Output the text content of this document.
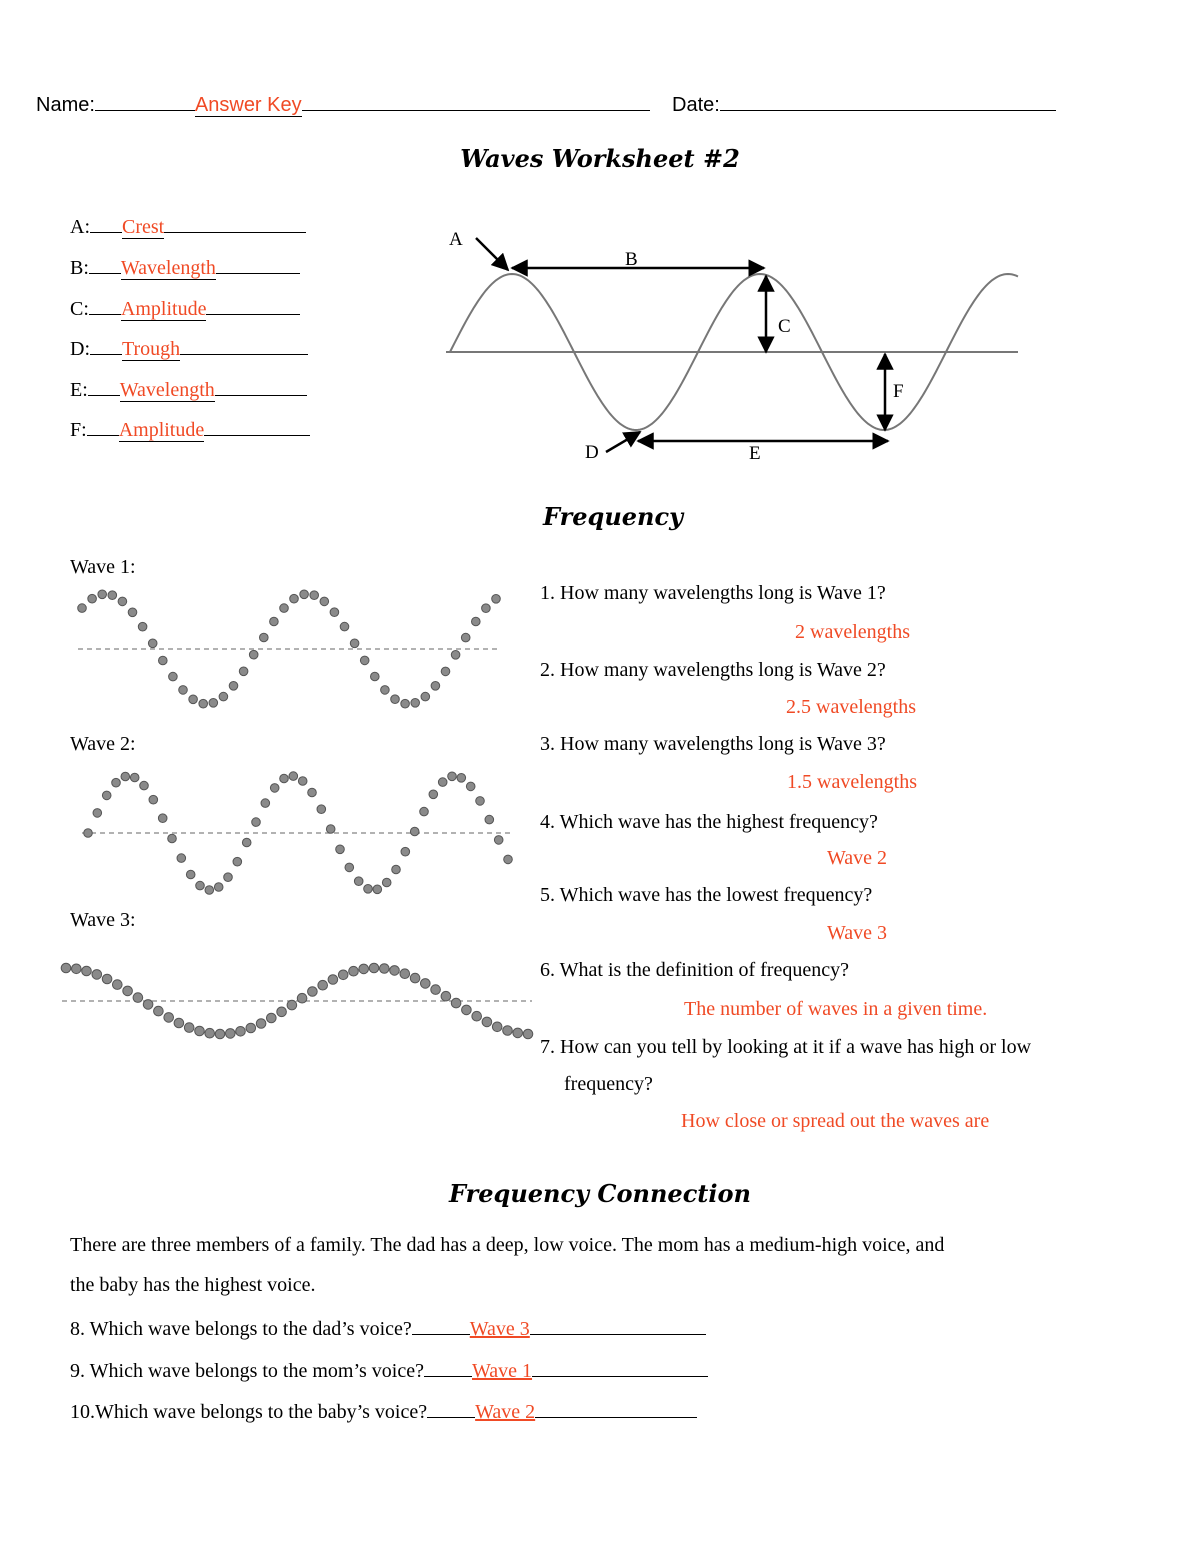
Name:	Answer Key	Date:
Waves Worksheet #2
A: Crest
B: Wavelength
C: Amplitude
D: Trough
E: Wavelength
F: Amplitude
A
B
C
D	E
F
Frequency
Wave 1:
Wave 2:
Wave 3:
1. How many wavelengths long is Wave 1?
2 wavelengths
2. How many wavelengths long is Wave 2?
2.5 wavelengths
3. How many wavelengths long is Wave 3?
1.5 wavelengths
4. Which wave has the highest frequency?
Wave 2
5. Which wave has the lowest frequency?
Wave 3
6. What is the definition of frequency?
The number of waves in a given time.
7. How can you tell by looking at it if a wave has high or low
frequency?
How close or spread out the waves are
Frequency Connection
There are three members of a family. The dad has a deep, low voice. The mom has a medium-high voice, and
the baby has the highest voice.
8. Which wave belongs to the dad’s voice?	Wave 3
9. Which wave belongs to the mom’s voice? Wave 1
10.Which wave belongs to the baby’s voice? Wave 2
